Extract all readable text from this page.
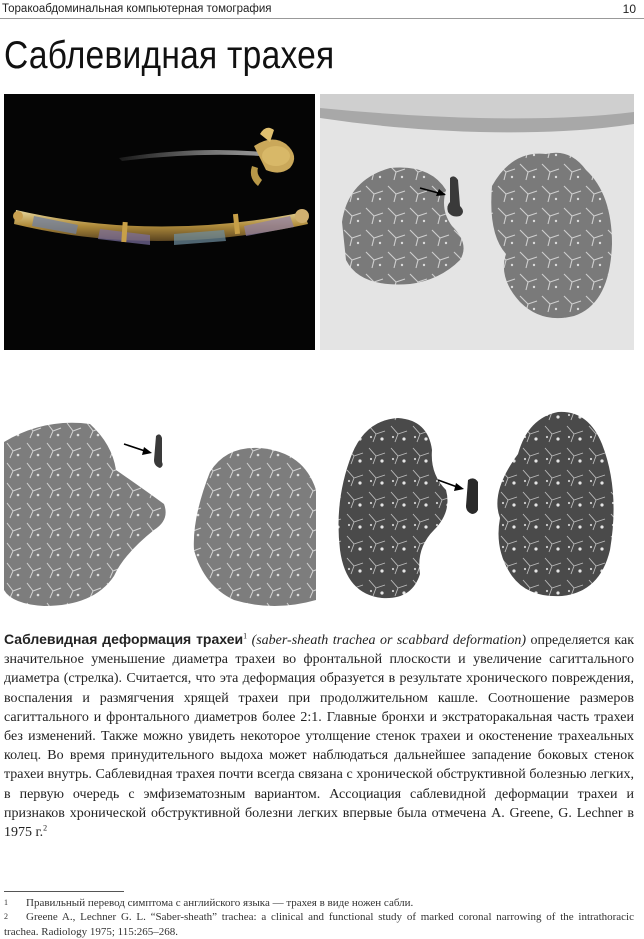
Торакоабдоминальная компьютерная томография	10
Саблевидная трахея
Саблевидная деформация трахеи$^1$ (saber-sheath trachea or scabbard deformation) определяется как значительное уменьшение диаметра трахеи во фронтальной плоскости и увеличение сагиттального диаметра (стрелка). Считается, что эта деформация образуется в результате хронического повреждения, воспаления и размягчения хрящей трахеи при продолжительном кашле. Соотношение размеров сагиттального и фронтального диаметров более 2:1. Главные бронхи и экстраторакальная часть трахеи без изменений. Также можно увидеть некоторое утолщение стенок трахеи и окостенение трахеальных колец. Во время принудительного выдоха может наблюдаться дальнейшее западение боковых стенок трахеи внутрь. Саблевидная трахея почти всегда связана с хронической обструктивной болезнью легких, в первую очередь с эмфизематозным вариантом. Ассоциация саблевидной деформации трахеи и признаков хронической обструктивной болезни легких впервые была отмечена A. Greene, G. Lechner в 1975 г.$^2$
1 Правильный перевод симптома с английского языка — трахея в виде ножен сабли.
2 Greene A., Lechner G. L. “Saber-sheath” trachea: a clinical and functional study of marked coronal narrowing of the intrathoracic trachea. Radiology 1975; 115:265–268.
